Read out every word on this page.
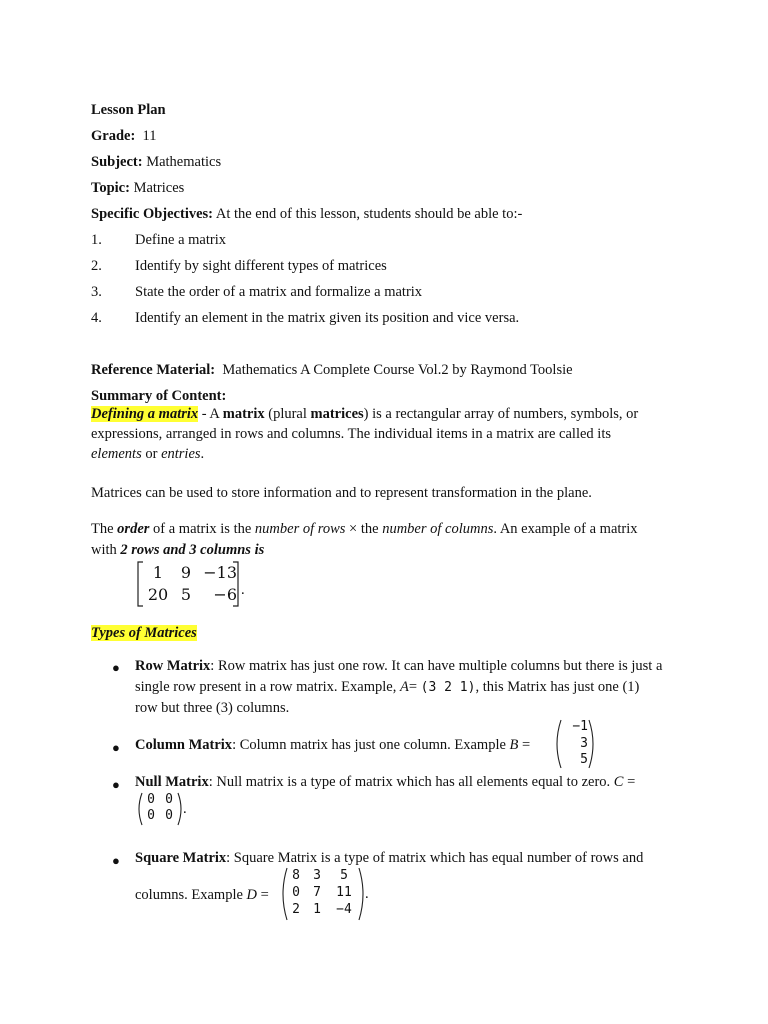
Lesson Plan
Grade: 11
Subject: Mathematics
Topic: Matrices
Specific Objectives: At the end of this lesson, students should be able to:-
1. Define a matrix
2. Identify by sight different types of matrices
3. State the order of a matrix and formalize a matrix
4. Identify an element in the matrix given its position and vice versa.
Reference Material: Mathematics A Complete Course Vol.2 by Raymond Toolsie
Summary of Content:
Defining a matrix - A matrix (plural matrices) is a rectangular array of numbers, symbols, or expressions, arranged in rows and columns. The individual items in a matrix are called its elements or entries.
Matrices can be used to store information and to represent transformation in the plane.
The order of a matrix is the number of rows × the number of columns. An example of a matrix with 2 rows and 3 columns is
1	9 −13
20 5	−6 .
Types of Matrices
● Row Matrix: Row matrix has just one row. It can have multiple columns but there is just a single row present in a row matrix. Example, A= (3 2 1), this Matrix has just one (1) row but three (3) columns.
● Column Matrix: Column matrix has just one column. Example B =
−1
3
5
● Null Matrix: Null matrix is a type of matrix which has all elements equal to zero. C =
0 0
0 0 .
● Square Matrix: Square Matrix is a type of matrix which has equal number of rows and
columns. Example D =
8	3	5
0	7	11
2	1	−4
.
